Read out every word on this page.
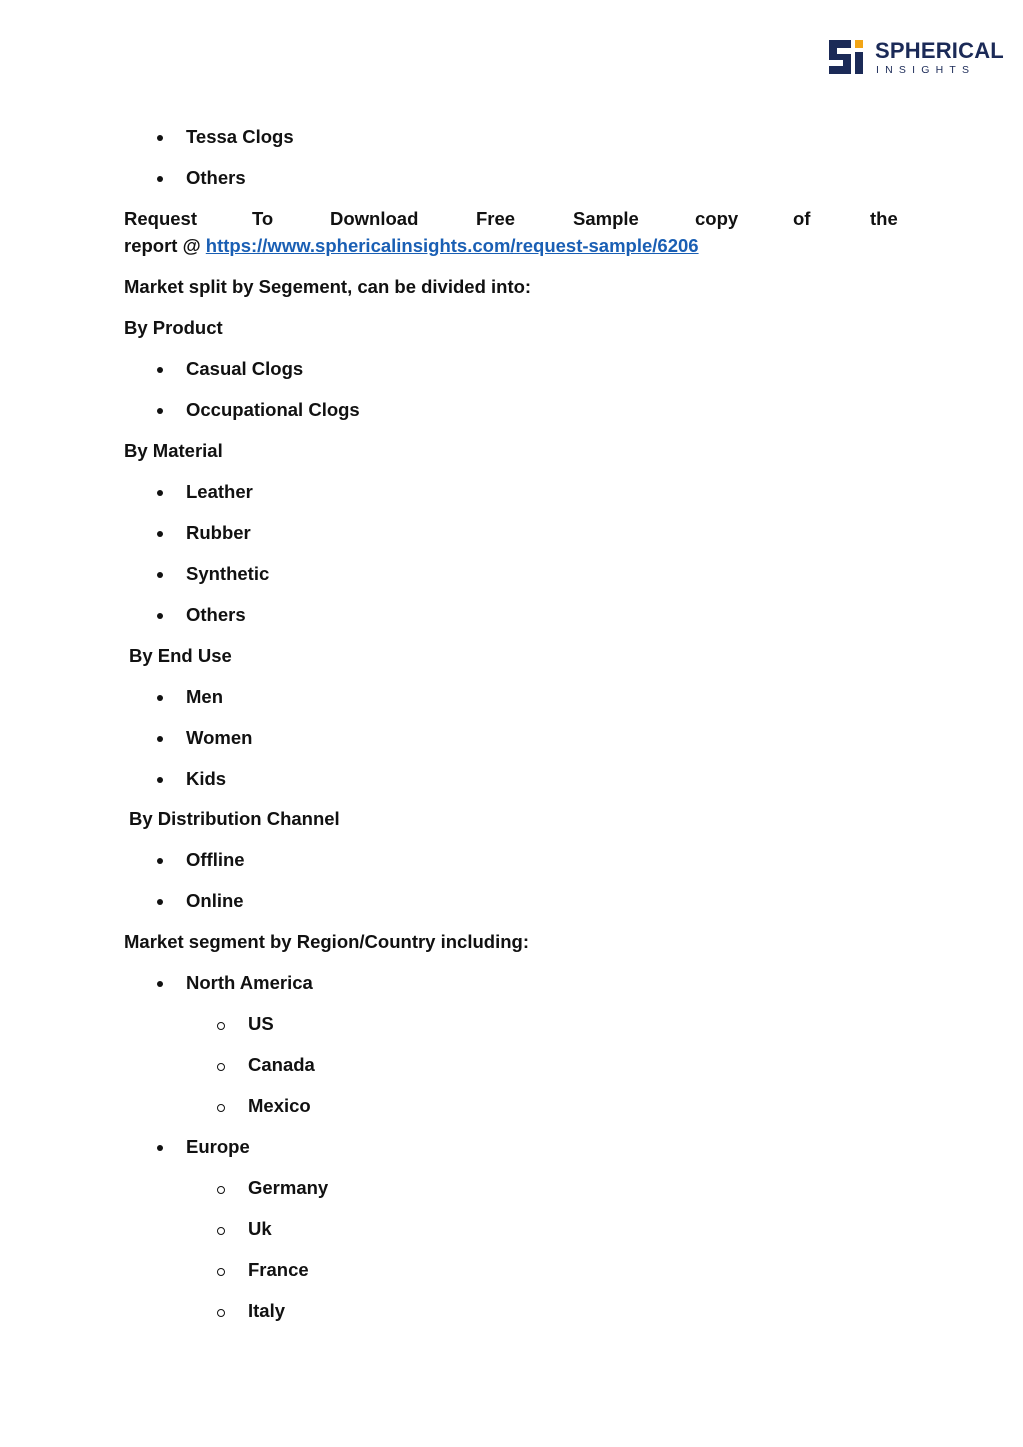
SPHERICAL
INSIGHTS
Tessa Clogs
Others
Request	To	Download	Free	Sample	copy	of	the
report @ https://www.sphericalinsights.com/request-sample/6206
Market split by Segement, can be divided into:
By Product
Casual Clogs
Occupational Clogs
By Material
Leather
Rubber
Synthetic
Others
By End Use
Men
Women
Kids
By Distribution Channel
Offline
Online
Market segment by Region/Country including:
North America
US
Canada
Mexico
Europe
Germany
Uk
France
Italy
